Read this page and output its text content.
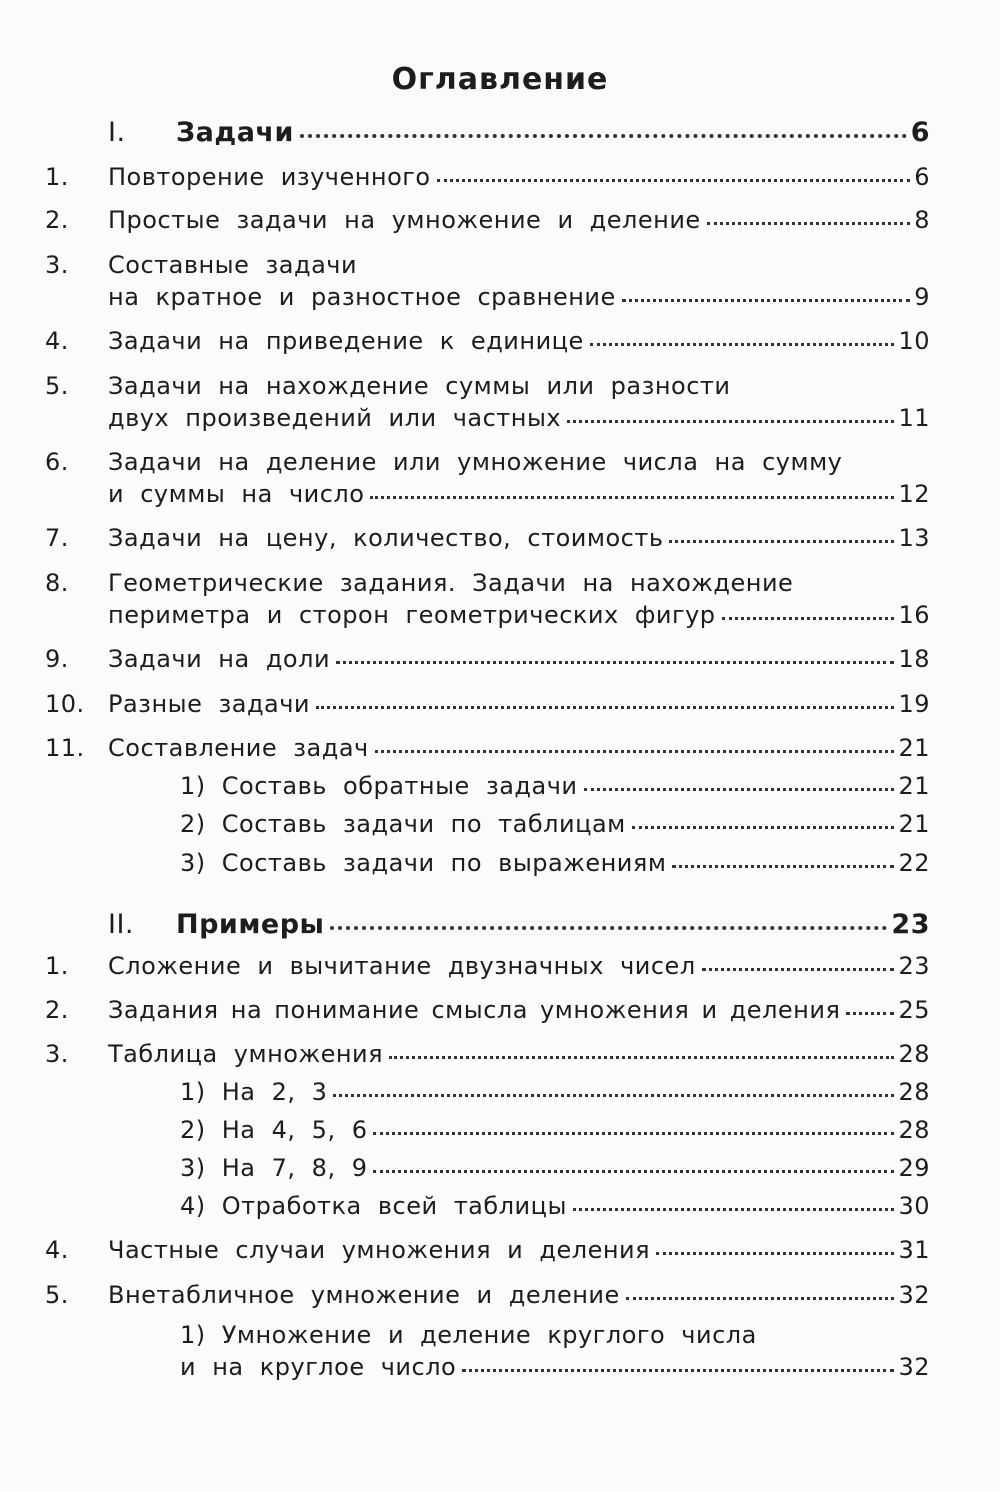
Оглавление
I. Задачи	6
1.	Повторение изученного	6
2.	Простые задачи на умножение и деление	8
3.	Составные задачи
на кратное и разностное сравнение	9
4.	Задачи на приведение к единице	10
5.	Задачи на нахождение суммы или разности
двух произведений или частных	11
6.	Задачи на деление или умножение числа на сумму
и суммы на число	12
7.	Задачи на цену, количество, стоимость	13
8.	Геометрические задания. Задачи на нахождение
периметра и сторон геометрических фигур	16
9.	Задачи на доли	18
10. Разные задачи	19
11. Составление задач	21
1) Составь обратные задачи	21
2) Составь задачи по таблицам	21
3) Составь задачи по выражениям	22
II. Примеры	23
1.	Сложение и вычитание двузначных чисел	23
2.	Задания на понимание смысла умножения и деления 25
3.	Таблица умножения	28
1) На 2, 3	28
2) На 4, 5, 6	28
3) На 7, 8, 9	29
4) Отработка всей таблицы	30
4.	Частные случаи умножения и деления	31
5.	Внетабличное умножение и деление	32
1) Умножение и деление круглого числа
и на круглое число	32
